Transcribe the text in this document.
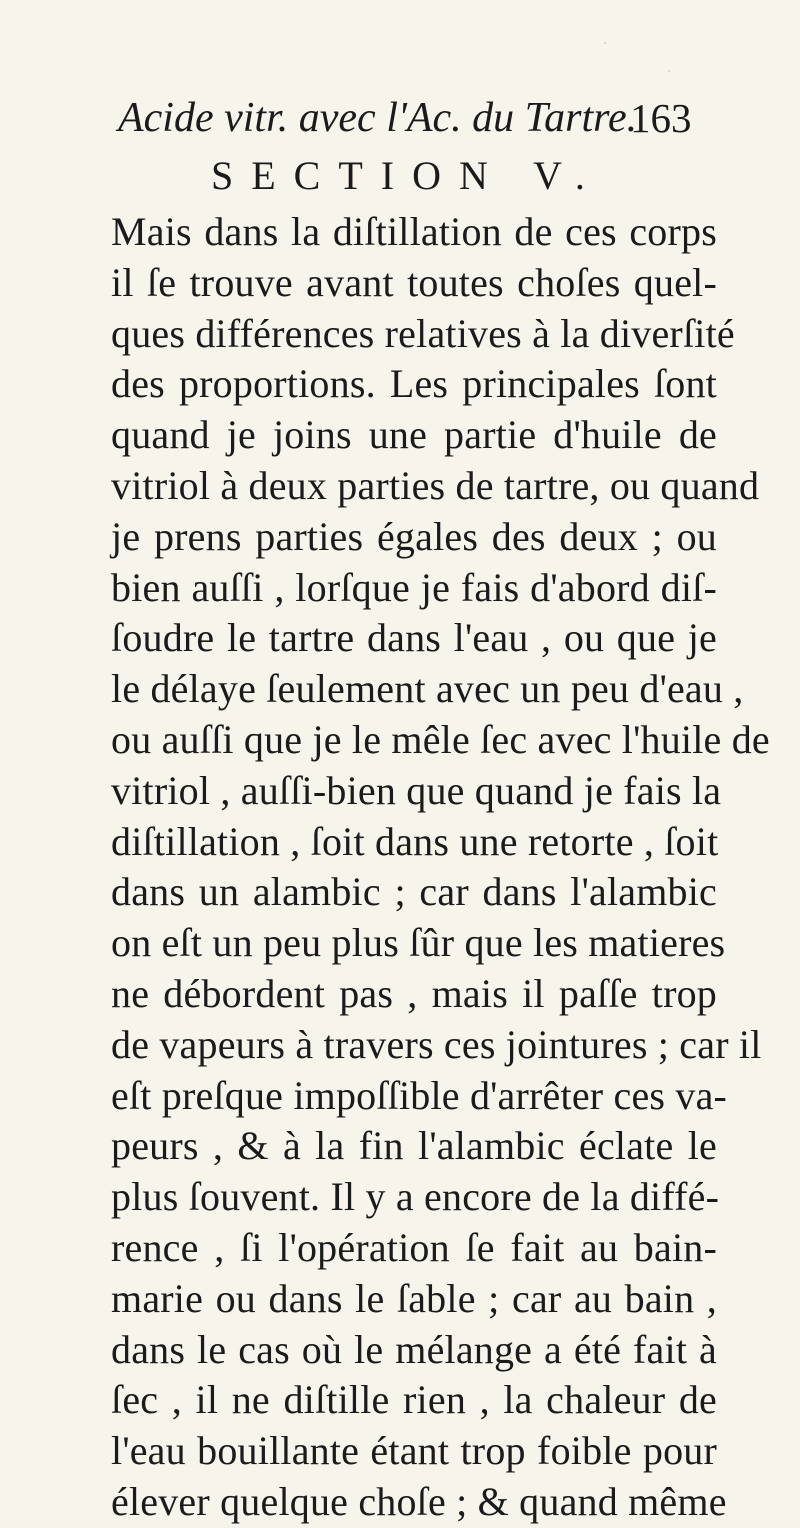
Acide vitr. avec l'Ac. du Tartre.
163
SECTION V.
Mais dans la diſtillation de ces corps
il ſe trouve avant toutes choſes quel-
ques différences relatives à la diverſité
des proportions. Les principales ſont
quand je joins une partie d'huile de
vitriol à deux parties de tartre, ou quand
je prens parties égales des deux ; ou
bien auſſi , lorſque je fais d'abord diſ-
ſoudre le tartre dans l'eau , ou que je
le délaye ſeulement avec un peu d'eau ,
ou auſſi que je le mêle ſec avec l'huile de
vitriol , auſſi-bien que quand je fais la
diſtillation , ſoit dans une retorte , ſoit
dans un alambic ; car dans l'alambic
on eſt un peu plus ſûr que les matieres
ne débordent pas , mais il paſſe trop
de vapeurs à travers ces jointures ; car il
eſt preſque impoſſible d'arrêter ces va-
peurs , & à la fin l'alambic éclate le
plus ſouvent. Il y a encore de la diffé-
rence , ſi l'opération ſe fait au bain-
marie ou dans le ſable ; car au bain ,
dans le cas où le mélange a été fait à
ſec , il ne diſtille rien , la chaleur de
l'eau bouillante étant trop foible pour
élever quelque choſe ; & quand même
